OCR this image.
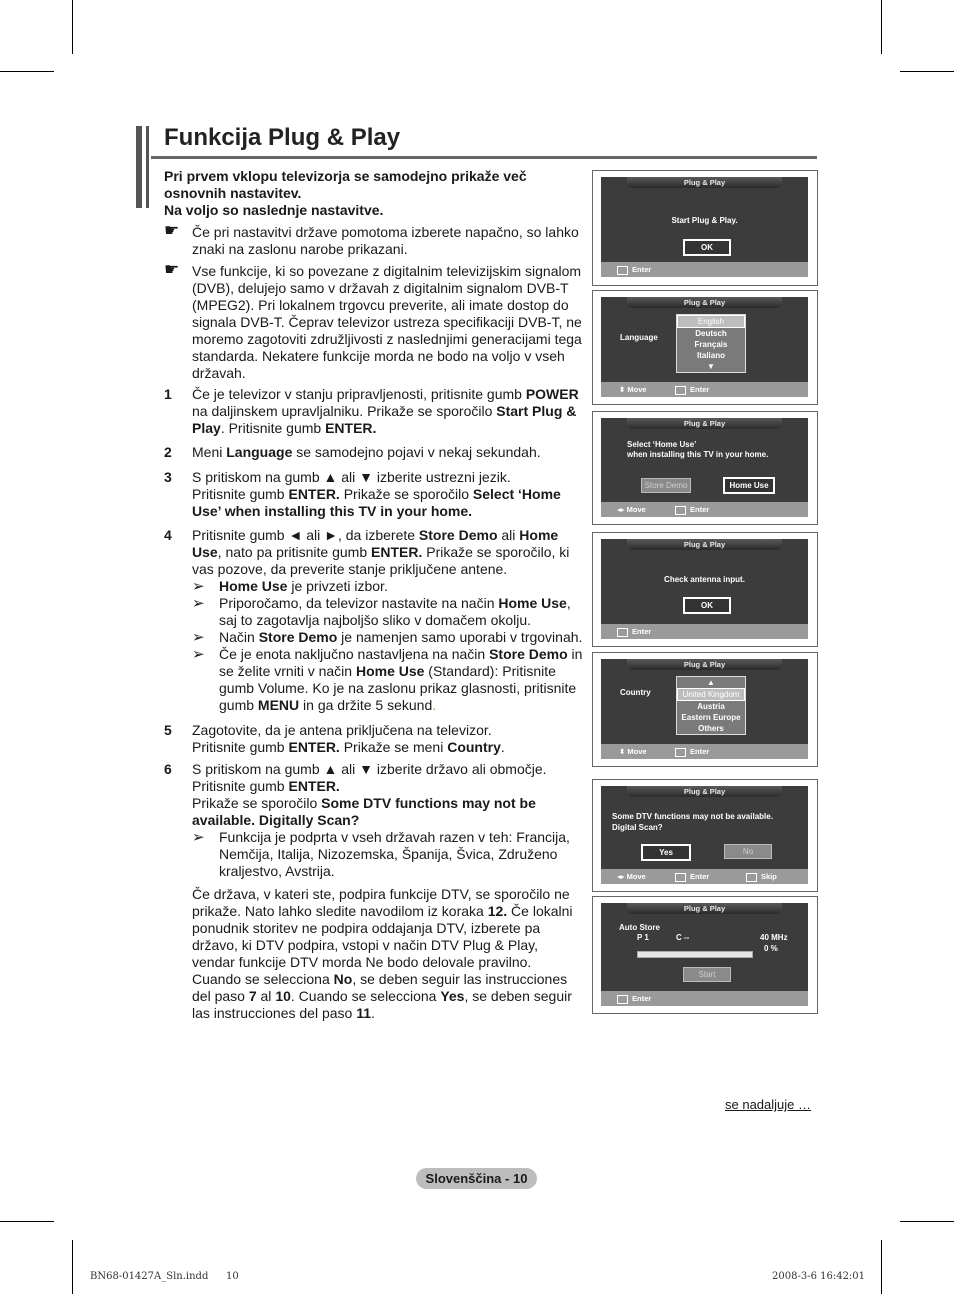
Funkcija Plug & Play

Pri prvem vklopu televizorja se samodejno prikaže več osnovnih nastavitev.

Na voljo so naslednje nastavitve.

☛ Če pri nastavitvi države pomotoma izberete napačno, so lahko znaki na zaslonu narobe prikazani.
☛ Vse funkcije, ki so povezane z digitalnim televizijskim signalom (DVB), delujejo samo v državah z digitalnim signalom DVB-T (MPEG2). Pri lokalnem trgovcu preverite, ali imate dostop do signala DVB-T. Čeprav televizor ustreza specifikaciji DVB-T, ne moremo zagotoviti združljivosti z naslednjimi generacijami tega standarda. Nekatere funkcije morda ne bodo na voljo v vseh državah.
1 Če je televizor v stanju pripravljenosti, pritisnite gumb POWER na daljinskem upravljalniku. Prikaže se sporočilo Start Plug & Play. Pritisnite gumb ENTER.

2 Meni Language se samodejno pojavi v nekaj sekundah.

3 S pritiskom na gumb ▲ ali ▼ izberite ustrezni jezik.

Pritisnite gumb ENTER. Prikaže se sporočilo Select ‘Home Use’ when installing this TV in your home.

4 Pritisnite gumb ◄ ali ►, da izberete Store Demo ali Home Use, nato pa pritisnite gumb ENTER. Prikaže se sporočilo, ki vas pozove, da preverite stanje priključene antene.

➢ Home Use je privzeti izbor.
➢ Priporočamo, da televizor nastavite na način Home Use, saj to zagotavlja najboljšo sliko v domačem okolju.
➢ Način Store Demo je namenjen samo uporabi v trgovinah.
➢ Če je enota naključno nastavljena na način Store Demo in se želite vrniti v način Home Use (Standard): Pritisnite gumb Volume. Ko je na zaslonu prikaz glasnosti, pritisnite gumb MENU in ga držite 5 sekund.
5 Zagotovite, da je antena priključena na televizor.

Pritisnite gumb ENTER. Prikaže se meni Country.

6 S pritiskom na gumb ▲ ali ▼ izberite državo ali območje.

Pritisnite gumb ENTER.

Prikaže se sporočilo Some DTV functions may not be available. Digitally Scan?

➢ Funkcija je podprta v vseh državah razen v teh: Francija, Nemčija, Italija, Nizozemska, Španija, Švica, Združeno kraljestvo, Avstrija.

Če država, v kateri ste, podpira funkcije DTV, se sporočilo ne prikaže. Nato lahko sledite navodilom iz koraka 12. Če lokalni ponudnik storitev ne podpira oddajanja DTV, izberete pa državo, ki DTV podpira, vstopi v način DTV Plug & Play, vendar funkcije DTV morda Ne bodo delovale pravilno. Cuando se selecciona No, se deben seguir las instrucciones del paso 7 al 10. Cuando se selecciona Yes, se deben seguir las instrucciones del paso 11.

Plug & Play
Start Plug & Play.
OK
Enter
Plug & Play
Language
English
Deutsch
Français
Italiano
▼
⬍ Move	Enter
Plug & Play
Select ‘Home Use’
when installing this TV in your home.
Store Demo	Home Use
◂▸ Move	Enter
Plug & Play
Check antenna input.
OK
Enter
Plug & Play
Country
▲
United Kingdom
Austria
Eastern Europe
Others
⬍ Move	Enter
Plug & Play
Some DTV functions may not be available.
Digital Scan?
Yes	No
◂▸ Move	Enter	Skip
Plug & Play
Auto Store
P 1	C --	40 MHz
0 %
Start
Enter
se nadaljuje …
Slovenščina - 10
BN68-01427A_Sln.indd 10	2008-3-6 16:42:01
